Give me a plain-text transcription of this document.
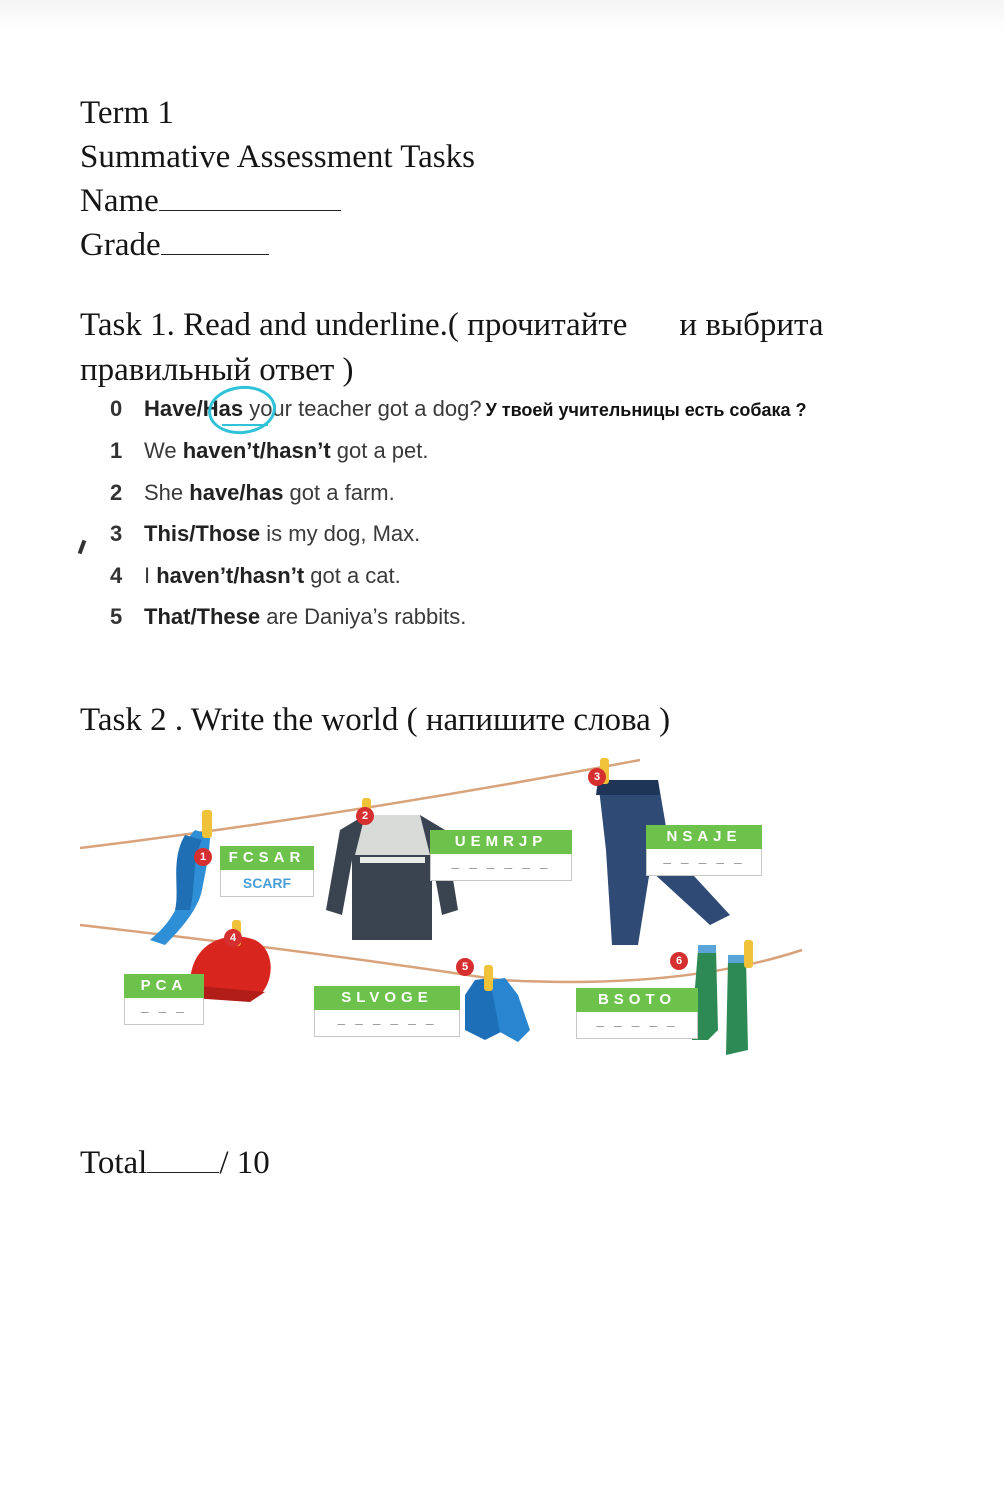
Term 1
Summative Assessment Tasks
Name
Grade
Task 1. Read and underline.( прочитайте и выбрита
правильный ответ )
0 Have/Has your teacher got a dog? У твоей учительницы есть собака ?
1 We haven’t/hasn’t got a pet.
2 She have/has got a farm.
3 This/Those is my dog, Max.
4 I haven’t/hasn’t got a cat.
5 That/These are Daniya’s rabbits.
Task 2 . Write the world ( напишите слова )
1
2
3
4
5	6
FCSAR
SCARF
UEMRJP
– – – – – –
NSAJE
– – – – –
PCA
– – –
SLVOGE
– – – – – –
BSOTO
– – – – –
Total / 10
